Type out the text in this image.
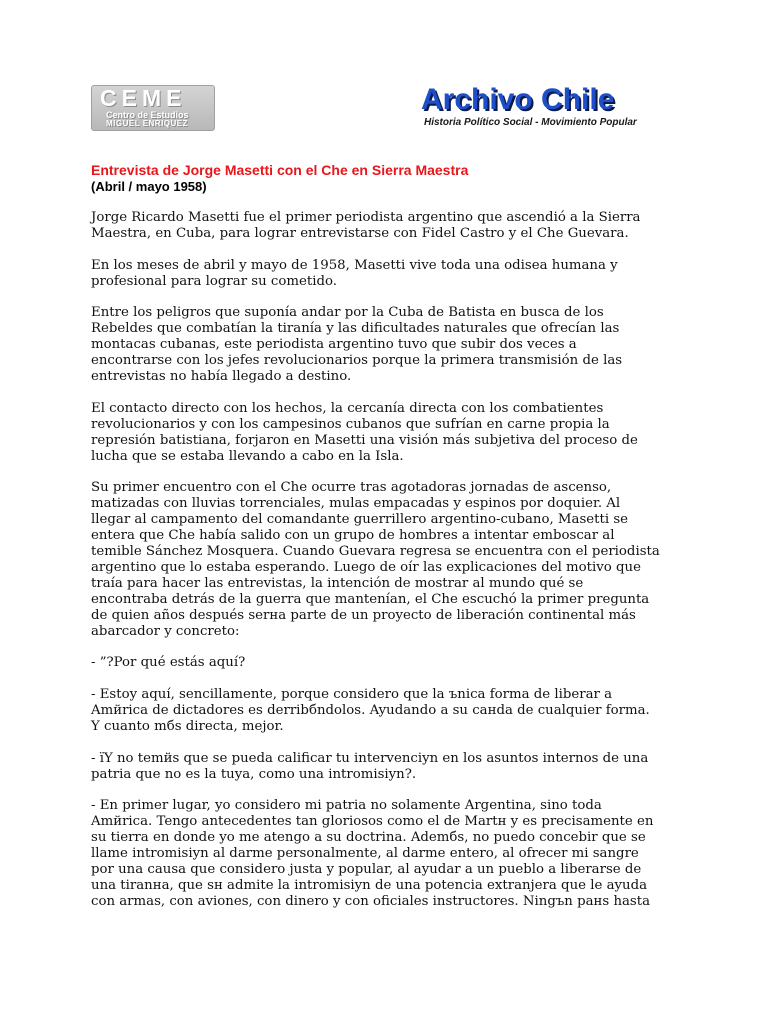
CEME
Centro de Estudios
MIGUEL ENRIQUEZ
Archivo Chile
Historia Político Social - Movimiento Popular
Entrevista de Jorge Masetti con el Che en Sierra Maestra
(Abril / mayo 1958)

Jorge Ricardo Masetti fue el primer periodista argentino que ascendió a la Sierra
Maestra, en Cuba, para lograr entrevistarse con Fidel Castro y el Che Guevara.

En los meses de abril y mayo de 1958, Masetti vive toda una odisea humana y
profesional para lograr su cometido.

Entre los peligros que suponía andar por la Cuba de Batista en busca de los
Rebeldes que combatían la tiranía y las dificultades naturales que ofrecían las
montacas cubanas, este periodista argentino tuvo que subir dos veces a
encontrarse con los jefes revolucionarios porque la primera transmisión de las
entrevistas no había llegado a destino.

El contacto directo con los hechos, la cercanía directa con los combatientes
revolucionarios y con los campesinos cubanos que sufrían en carne propia la
represión batistiana, forjaron en Masetti una visión más subjetiva del proceso de
lucha que se estaba llevando a cabo en la Isla.

Su primer encuentro con el Che ocurre tras agotadoras jornadas de ascenso,
matizadas con lluvias torrenciales, mulas empacadas y espinos por doquier. Al
llegar al campamento del comandante guerrillero argentino-cubano, Masetti se
entera que Che había salido con un grupo de hombres a intentar emboscar al
temible Sánchez Mosquera. Cuando Guevara regresa se encuentra con el periodista
argentino que lo estaba esperando. Luego de oír las explicaciones del motivo que
traía para hacer las entrevistas, la intención de mostrar al mundo qué se
encontraba detrás de la guerra que mantenían, el Che escuchó la primer pregunta
de quien años después serнa parte de un proyecto de liberación continental más
abarcador y concreto:

- ”?Por qué estás aquí?

- Estoy aquí, sencillamente, porque considero que la ъnica forma de liberar a
Amйrica de dictadores es derribбndolos. Ayudando a su caнda de cualquier forma.
Y cuanto mбs directa, mejor.

- ïY no temйs que se pueda calificar tu intervenciyn en los asuntos internos de una
patria que no es la tuya, como una intromisiyn?.

- En primer lugar, yo considero mi patria no solamente Argentina, sino toda
Amйrica. Tengo antecedentes tan gloriosos como el de Martн y es precisamente en
su tierra en donde yo me atengo a su doctrina. Ademбs, no puedo concebir que se
llame intromisiyn al darme personalmente, al darme entero, al ofrecer mi sangre
por una causa que considero justa y popular, al ayudar a un pueblo a liberarse de
una tiranнa, que sн admite la intromisiyn de una potencia extranjera que le ayuda
con armas, con aviones, con dinero y con oficiales instructores. Ningъn paнs hasta
